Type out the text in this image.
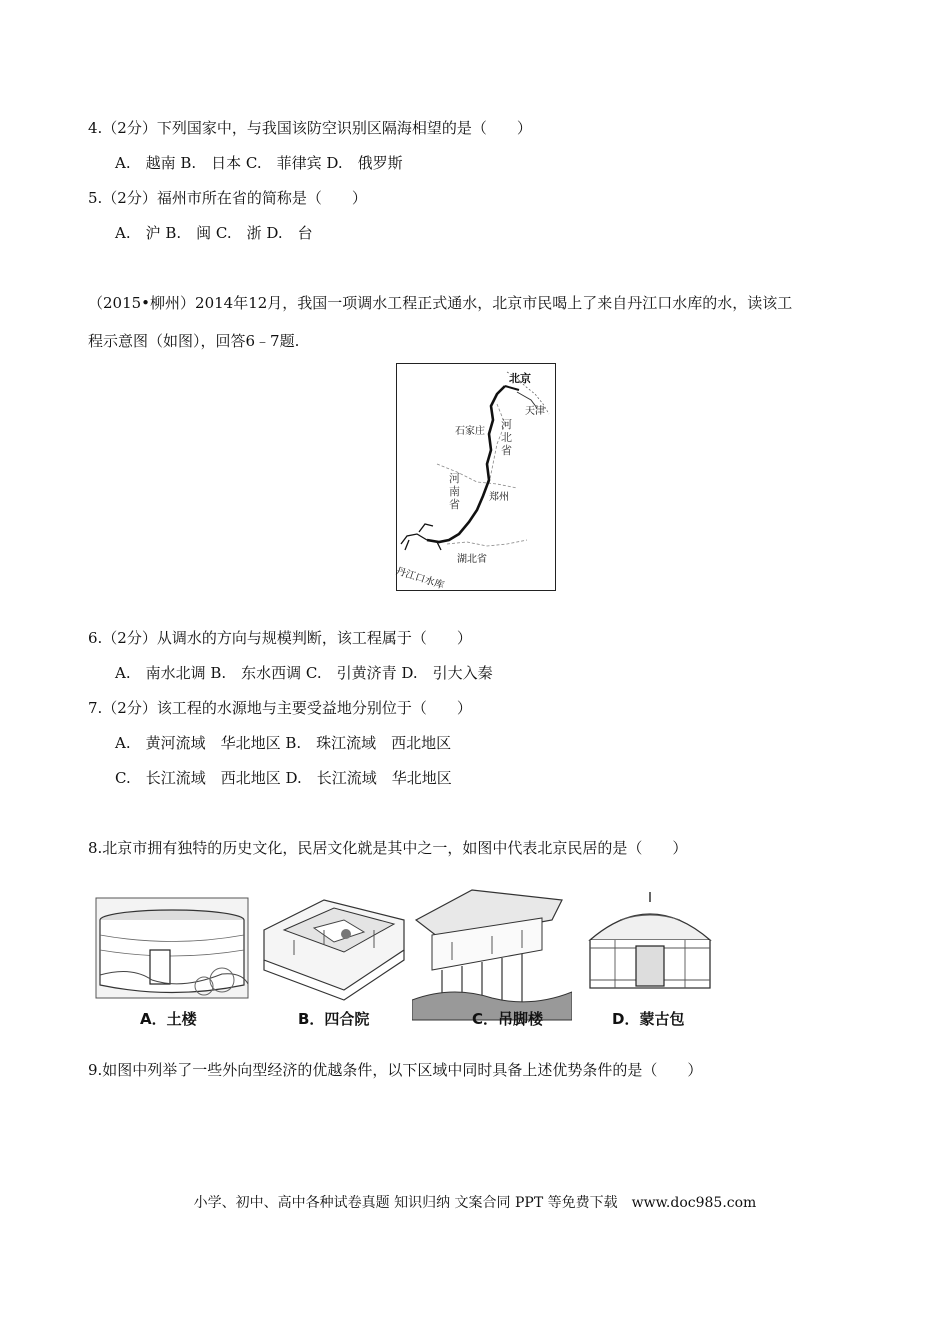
4.（2分）下列国家中，与我国该防空识别区隔海相望的是（　　）
A.　越南 B.　日本 C.　菲律宾 D.　俄罗斯
5.（2分）福州市所在省的简称是（　　）
A.　沪 B.　闽 C.　浙 D.　台
（2015•柳州）2014年12月，我国一项调水工程正式通水，北京市民喝上了来自丹江口水库的水，读该工
程示意图（如图），回答6﹣7题.
北京
天津
石家庄
河北省
河南省
郑州
湖北省
丹江口水库
6.（2分）从调水的方向与规模判断，该工程属于（　　）
A.　南水北调 B.　东水西调 C.　引黄济青 D.　引大入秦
7.（2分）该工程的水源地与主要受益地分别位于（　　）
A.　黄河流域　华北地区 B.　珠江流域　西北地区
C.　长江流域　西北地区 D.　长江流域　华北地区
8.北京市拥有独特的历史文化，民居文化就是其中之一，如图中代表北京民居的是（　　）
A．土楼	B．四合院	C．吊脚楼	D．蒙古包
9.如图中列举了一些外向型经济的优越条件，以下区域中同时具备上述优势条件的是（　　）
小学、初中、高中各种试卷真题 知识归纳 文案合同 PPT 等免费下载　www.doc985.com
